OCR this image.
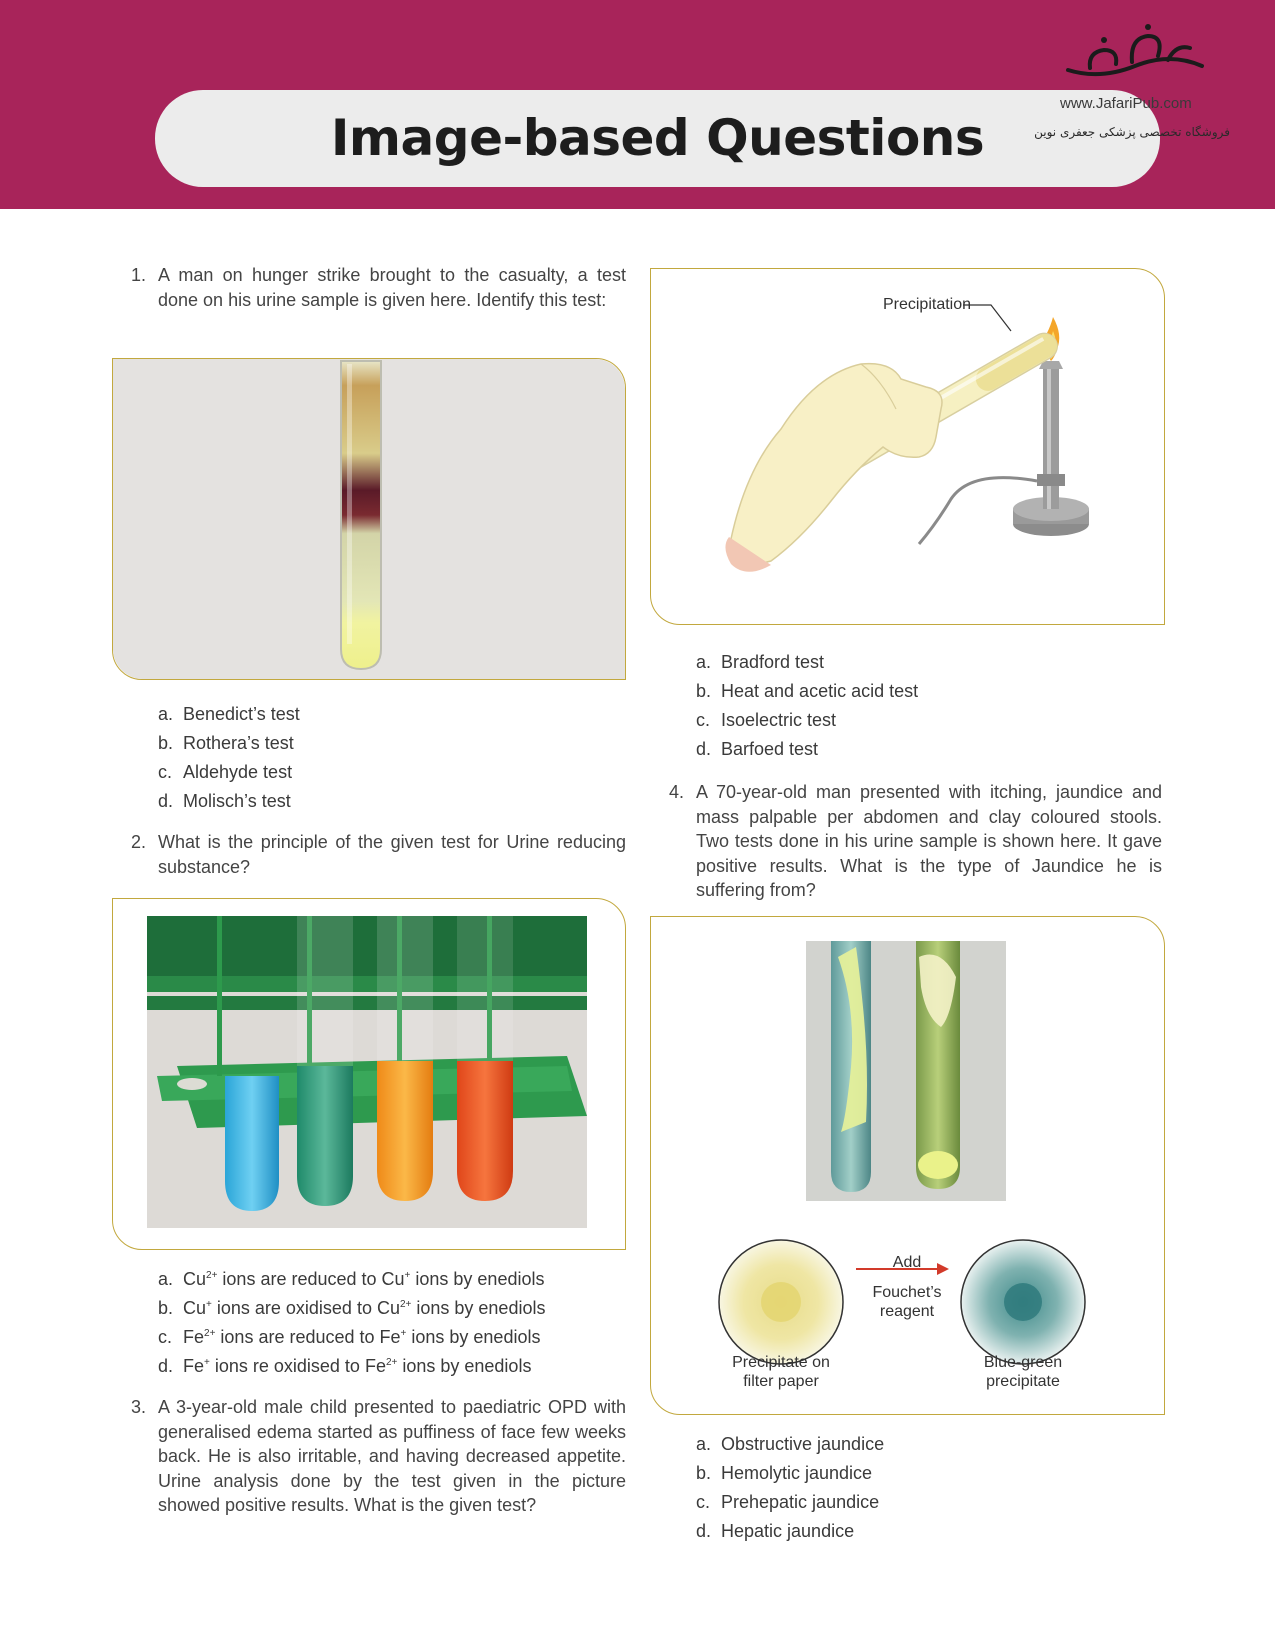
Image-based Questions
www.JafariPub.com
فروشگاه تخصصی پزشکی جعفری نوین
1. A man on hunger strike brought to the casualty, a test done on his urine sample is given here. Identify this test:
a. Benedict’s test
b. Rothera’s test
c. Aldehyde test
d. Molisch’s test
2. What is the principle of the given test for Urine reducing substance?
a. $Cu^{2+}$ ions are reduced to Cu+ ions by enediols
b. Cu+ ions are oxidised to $Cu^{2+}$ ions by enediols
c. $Fe^{2+}$ ions are reduced to Fe+ ions by enediols
d. Fe+ ions re oxidised to $Fe^{2+}$ ions by enediols
3. A 3-year-old male child presented to paediatric OPD with generalised edema started as puffiness of face few weeks back. He is also irritable, and having decreased appetite. Urine analysis done by the test given in the picture showed positive results. What is the given test?
Precipitation
a. Bradford test
b. Heat and acetic acid test
c. Isoelectric test
d. Barfoed test
4. A 70-year-old man presented with itching, jaundice and mass palpable per abdomen and clay coloured stools. Two tests done in his urine sample is shown here. It gave positive results. What is the type of Jaundice he is suffering from?
Add
Fouchet’s
reagent
Precipitate on
filter paper
Blue-green
precipitate
a. Obstructive jaundice
b. Hemolytic jaundice
c. Prehepatic jaundice
d. Hepatic jaundice
